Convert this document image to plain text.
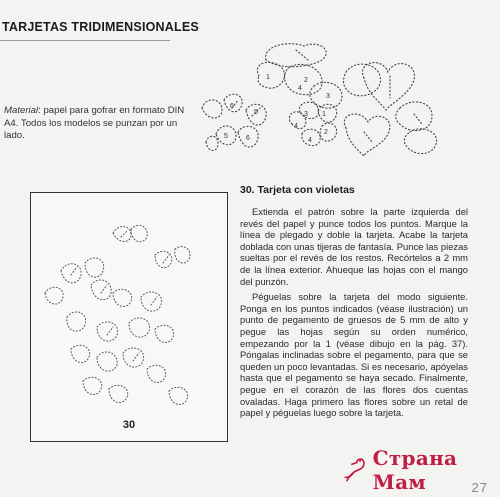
TARJETAS TRIDIMENSIONALES
Material: papel para gofrar en formato DIN A4. Todos los modelos se punzan por un lado.
1	2
3
4
5
6
3 1
4
2
4
5	6
30
30. Tarjeta con violetas

Extienda el patrón sobre la parte izquierda del revés del papel y punce todos los puntos. Marque la línea de plegado y doble la tarjeta. Acabe la tarjeta doblada con unas tijeras de fantasía. Punce las piezas sueltas por el revés de los restos. Recórtelos a 2 mm de la línea exterior. Ahueque las hojas con el mango del punzón.

Péguelas sobre la tarjeta del modo siguiente. Ponga en los puntos indicados (véase ilustración) un punto de pegamento de gruesos de 5 mm de alto y pegue las hojas según su orden numérico, empezando por la 1 (véase dibujo en la pág. 37). Póngalas inclinadas sobre el pegamento, para que se queden un poco levantadas. Si es necesario, apóyelas hasta que el pegamento se haya secado. Finalmente, pegue en el corazón de las flores dos cuentas ovaladas. Haga primero las flores sobre un retal de papel y péguelas luego sobre la tarjeta.

27
Страна Мам
